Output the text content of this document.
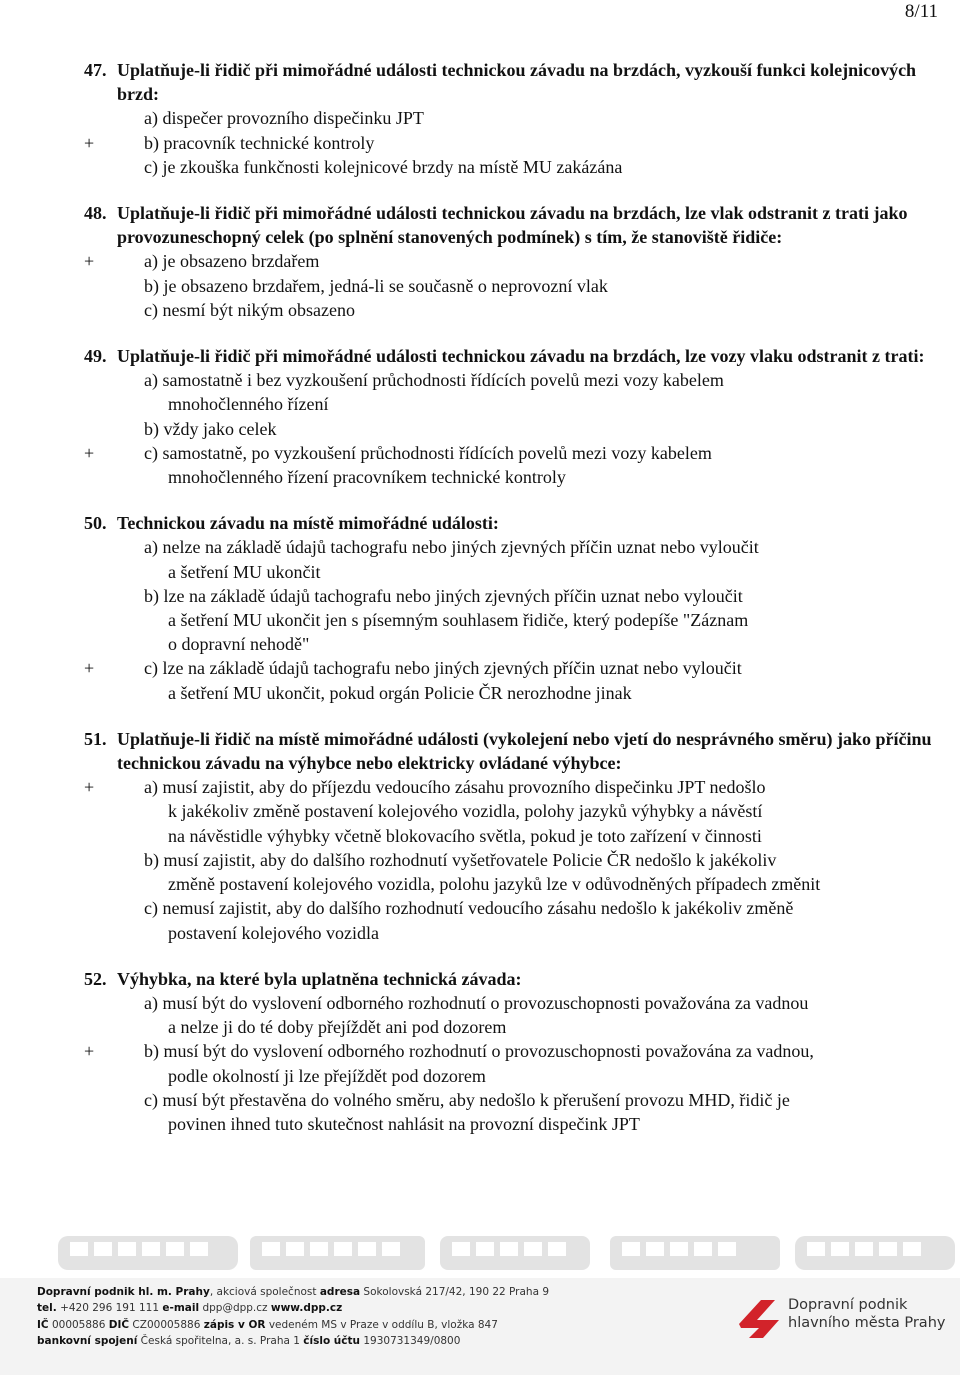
8/11
47. Uplatňuje-li řidič při mimořádné události technickou závadu na brzdách, vyzkouší funkci kolejnicových brzd:
a) dispečer provozního dispečinku JPT
+	b) pracovník technické kontroly
c) je zkouška funkčnosti kolejnicové brzdy na místě MU zakázána
48. Uplatňuje-li řidič při mimořádné události technickou závadu na brzdách, lze vlak odstranit z trati jako provozuneschopný celek (po splnění stanovených podmínek) s tím, že stanoviště řidiče:
+	a) je obsazeno brzdařem
b) je obsazeno brzdařem, jedná-li se současně o neprovozní vlak
c) nesmí být nikým obsazeno
49. Uplatňuje-li řidič při mimořádné události technickou závadu na brzdách, lze vozy vlaku odstranit z trati:
a) samostatně i bez vyzkoušení průchodnosti řídících povelů mezi vozy kabelem
mnohočlenného řízení
b) vždy jako celek
+	c) samostatně, po vyzkoušení průchodnosti řídících povelů mezi vozy kabelem
mnohočlenného řízení pracovníkem technické kontroly
50. Technickou závadu na místě mimořádné události:
a) nelze na základě údajů tachografu nebo jiných zjevných příčin uznat nebo vyloučit
a šetření MU ukončit
b) lze na základě údajů tachografu nebo jiných zjevných příčin uznat nebo vyloučit
a šetření MU ukončit jen s písemným souhlasem řidiče, který podepíše "Záznam
o dopravní nehodě"
+	c) lze na základě údajů tachografu nebo jiných zjevných příčin uznat nebo vyloučit
a šetření MU ukončit, pokud orgán Policie ČR nerozhodne jinak
51. Uplatňuje-li řidič na místě mimořádné události (vykolejení nebo vjetí do nesprávného směru) jako příčinu technickou závadu na výhybce nebo elektricky ovládané výhybce:
+	a) musí zajistit, aby do příjezdu vedoucího zásahu provozního dispečinku JPT nedošlo
k jakékoliv změně postavení kolejového vozidla, polohy jazyků výhybky a návěstí
na návěstidle výhybky včetně blokovacího světla, pokud je toto zařízení v činnosti
b) musí zajistit, aby do dalšího rozhodnutí vyšetřovatele Policie ČR nedošlo k jakékoliv
změně postavení kolejového vozidla, polohu jazyků lze v odůvodněných případech změnit
c) nemusí zajistit, aby do dalšího rozhodnutí vedoucího zásahu nedošlo k jakékoliv změně
postavení kolejového vozidla
52. Výhybka, na které byla uplatněna technická závada:
a) musí být do vyslovení odborného rozhodnutí o provozuschopnosti považována za vadnou
a nelze ji do té doby přejíždět ani pod dozorem
+	b) musí být do vyslovení odborného rozhodnutí o provozuschopnosti považována za vadnou,
podle okolností ji lze přejíždět pod dozorem
c) musí být přestavěna do volného směru, aby nedošlo k přerušení provozu MHD, řidič je
povinen ihned tuto skutečnost nahlásit na provozní dispečink JPT
Dopravní podnik hl. m. Prahy, akciová společnost adresa Sokolovská 217/42, 190 22 Praha 9
tel. +420 296 191 111 e-mail dpp@dpp.cz www.dpp.cz
IČ 00005886 DIČ CZ00005886 zápis v OR vedeném MS v Praze v oddílu B, vložka 847
bankovní spojení Česká spořitelna, a. s. Praha 1 číslo účtu 1930731349/0800
Dopravní podnik
hlavního města Prahy
